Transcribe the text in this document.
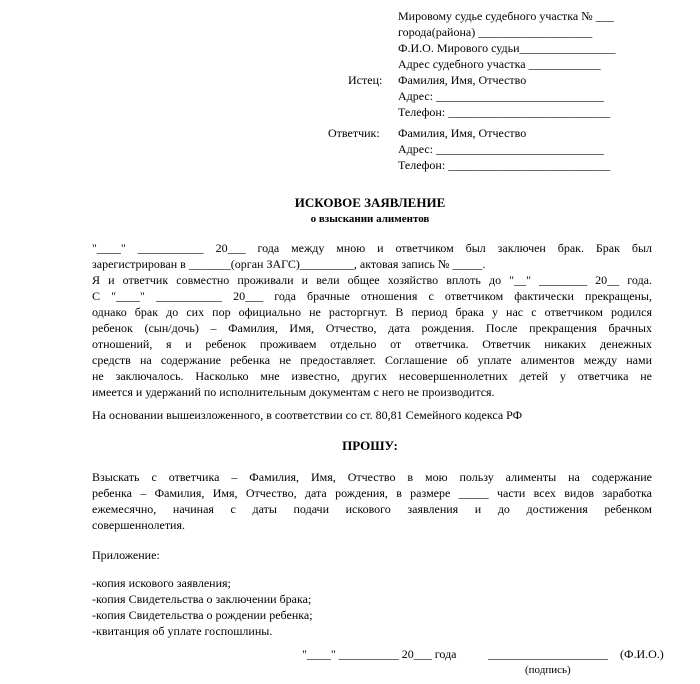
Мировому судье судебного участка № ___
города(района) ___________________
Ф.И.О. Мирового судьи________________
Адрес судебного участка ____________
Истец: Фамилия, Имя, Отчество
Адрес: ____________________________
Телефон: ___________________________
Ответчик: Фамилия, Имя, Отчество
Адрес: ____________________________
Телефон: ___________________________
ИСКОВОЕ ЗАЯВЛЕНИЕ
о взыскании алиментов
"____" ___________ 20___ года между мною и ответчиком был заключен брак. Брак был
зарегистрирован в _______(орган ЗАГС)_________, актовая запись № _____.
Я и ответчик совместно проживали и вели общее хозяйство вплоть до "__" ________ 20__ года.
С "____" ___________ 20___ года брачные отношения с ответчиком фактически прекращены,
однако брак до сих пор официально не расторгнут. В период брака у нас с ответчиком родился
ребенок (сын/дочь) – Фамилия, Имя, Отчество, дата рождения. После прекращения брачных
отношений, я и ребенок проживаем отдельно от ответчика. Ответчик никаких денежных
средств на содержание ребенка не предоставляет. Соглашение об уплате алиментов между нами
не заключалось. Насколько мне известно, других несовершеннолетних детей у ответчика не
имеется и удержаний по исполнительным документам с него не производится.
На основании вышеизложенного, в соответствии со ст. 80,81 Семейного кодекса РФ
ПРОШУ:
Взыскать с ответчика – Фамилия, Имя, Отчество в мою пользу алименты на содержание
ребенка – Фамилия, Имя, Отчество, дата рождения, в размере _____ части всех видов заработка
ежемесячно, начиная с даты подачи искового заявления и до достижения ребенком
совершеннолетия.
Приложение:
-копия искового заявления;
-копия Свидетельства о заключении брака;
-копия Свидетельства о рождении ребенка;
-квитанция об уплате госпошлины.
"____" __________ 20___ года	____________________ (Ф.И.О.)
(подпись)
